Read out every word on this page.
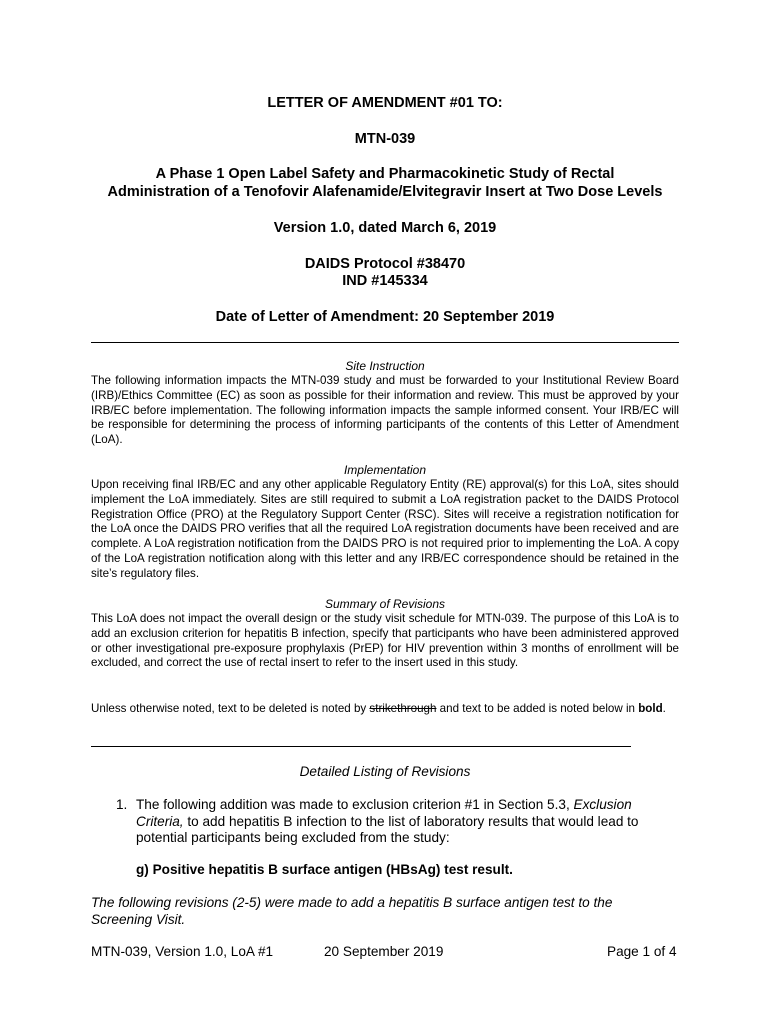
LETTER OF AMENDMENT #01 TO:
MTN-039
A Phase 1 Open Label Safety and Pharmacokinetic Study of Rectal
Administration of a Tenofovir Alafenamide/Elvitegravir Insert at Two Dose Levels
Version 1.0, dated March 6, 2019
DAIDS Protocol #38470
IND #145334
Date of Letter of Amendment: 20 September 2019
Site Instruction
The following information impacts the MTN-039 study and must be forwarded to your Institutional Review Board (IRB)/Ethics Committee (EC) as soon as possible for their information and review. This must be approved by your IRB/EC before implementation. The following information impacts the sample informed consent. Your IRB/EC will be responsible for determining the process of informing participants of the contents of this Letter of Amendment (LoA).
Implementation
Upon receiving final IRB/EC and any other applicable Regulatory Entity (RE) approval(s) for this LoA, sites should implement the LoA immediately. Sites are still required to submit a LoA registration packet to the DAIDS Protocol Registration Office (PRO) at the Regulatory Support Center (RSC). Sites will receive a registration notification for the LoA once the DAIDS PRO verifies that all the required LoA registration documents have been received and are complete. A LoA registration notification from the DAIDS PRO is not required prior to implementing the LoA. A copy of the LoA registration notification along with this letter and any IRB/EC correspondence should be retained in the site’s regulatory files.
Summary of Revisions
This LoA does not impact the overall design or the study visit schedule for MTN-039. The purpose of this LoA is to add an exclusion criterion for hepatitis B infection, specify that participants who have been administered approved or other investigational pre-exposure prophylaxis (PrEP) for HIV prevention within 3 months of enrollment will be excluded, and correct the use of rectal insert to refer to the insert used in this study.
Unless otherwise noted, text to be deleted is noted by strikethrough and text to be added is noted below in bold.
Detailed Listing of Revisions
1. The following addition was made to exclusion criterion #1 in Section 5.3, Exclusion Criteria, to add hepatitis B infection to the list of laboratory results that would lead to potential participants being excluded from the study:
g) Positive hepatitis B surface antigen (HBsAg) test result.
The following revisions (2-5) were made to add a hepatitis B surface antigen test to the Screening Visit.
MTN-039, Version 1.0, LoA #1	20 September 2019	Page 1 of 4
